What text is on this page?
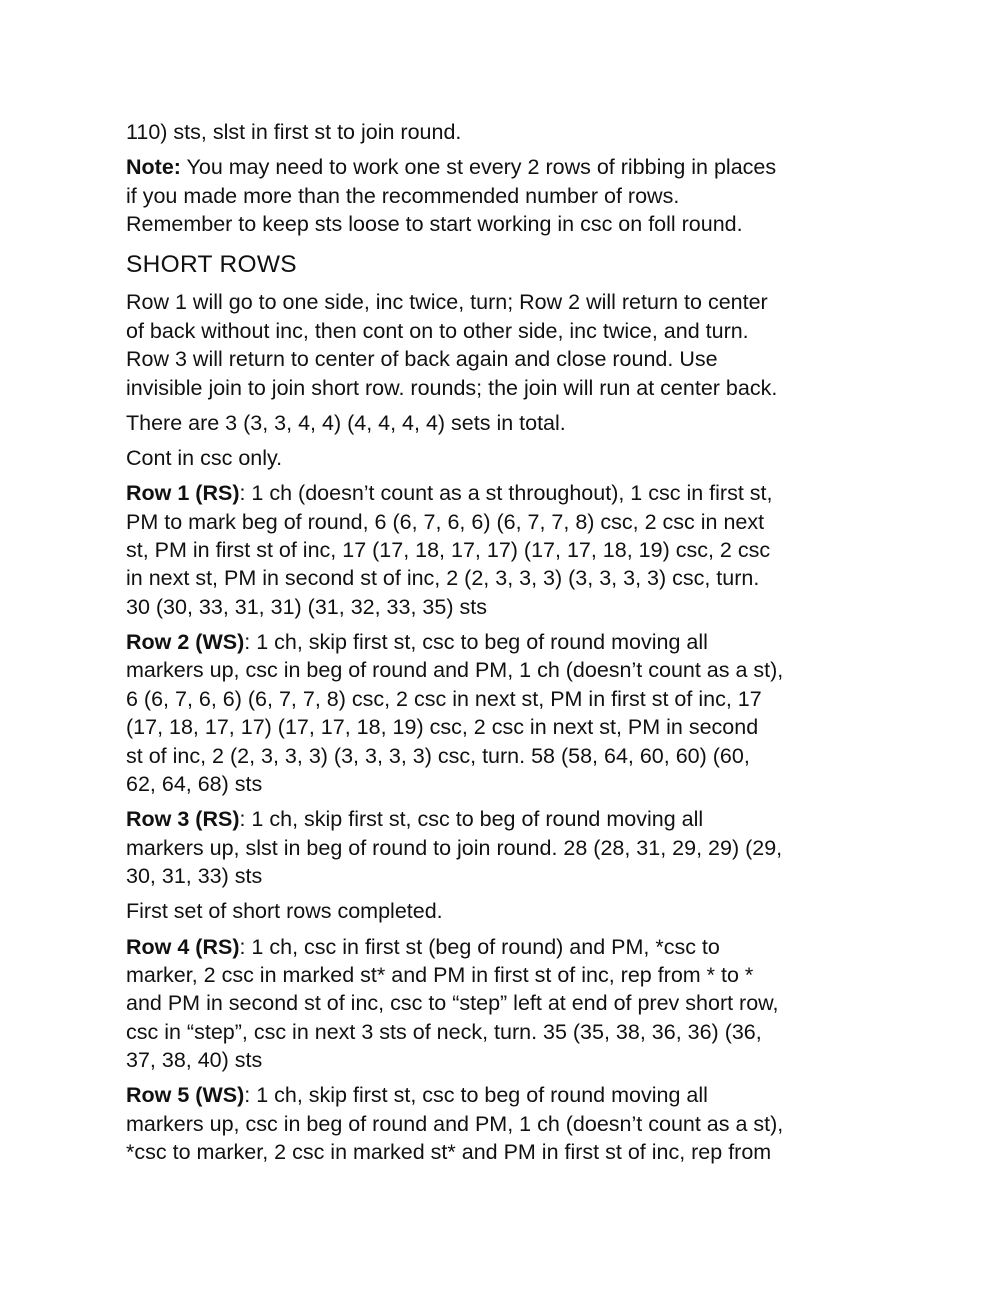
110) sts, slst in first st to join round.

Note: You may need to work one st every 2 rows of ribbing in places
if you made more than the recommended number of rows.
Remember to keep sts loose to start working in csc on foll round.

SHORT ROWS

Row 1 will go to one side, inc twice, turn; Row 2 will return to center
of back without inc, then cont on to other side, inc twice, and turn.
Row 3 will return to center of back again and close round. Use
invisible join to join short row. rounds; the join will run at center back.

There are 3 (3, 3, 4, 4) (4, 4, 4, 4) sets in total.

Cont in csc only.

Row 1 (RS): 1 ch (doesn’t count as a st throughout), 1 csc in first st,
PM to mark beg of round, 6 (6, 7, 6, 6) (6, 7, 7, 8) csc, 2 csc in next
st, PM in first st of inc, 17 (17, 18, 17, 17) (17, 17, 18, 19) csc, 2 csc
in next st, PM in second st of inc, 2 (2, 3, 3, 3) (3, 3, 3, 3) csc, turn.
30 (30, 33, 31, 31) (31, 32, 33, 35) sts

Row 2 (WS): 1 ch, skip first st, csc to beg of round moving all
markers up, csc in beg of round and PM, 1 ch (doesn’t count as a st),
6 (6, 7, 6, 6) (6, 7, 7, 8) csc, 2 csc in next st, PM in first st of inc, 17
(17, 18, 17, 17) (17, 17, 18, 19) csc, 2 csc in next st, PM in second
st of inc, 2 (2, 3, 3, 3) (3, 3, 3, 3) csc, turn. 58 (58, 64, 60, 60) (60,
62, 64, 68) sts

Row 3 (RS): 1 ch, skip first st, csc to beg of round moving all
markers up, slst in beg of round to join round. 28 (28, 31, 29, 29) (29,
30, 31, 33) sts

First set of short rows completed.

Row 4 (RS): 1 ch, csc in first st (beg of round) and PM, *csc to
marker, 2 csc in marked st* and PM in first st of inc, rep from * to *
and PM in second st of inc, csc to “step” left at end of prev short row,
csc in “step”, csc in next 3 sts of neck, turn. 35 (35, 38, 36, 36) (36,
37, 38, 40) sts

Row 5 (WS): 1 ch, skip first st, csc to beg of round moving all
markers up, csc in beg of round and PM, 1 ch (doesn’t count as a st),
*csc to marker, 2 csc in marked st* and PM in first st of inc, rep from
